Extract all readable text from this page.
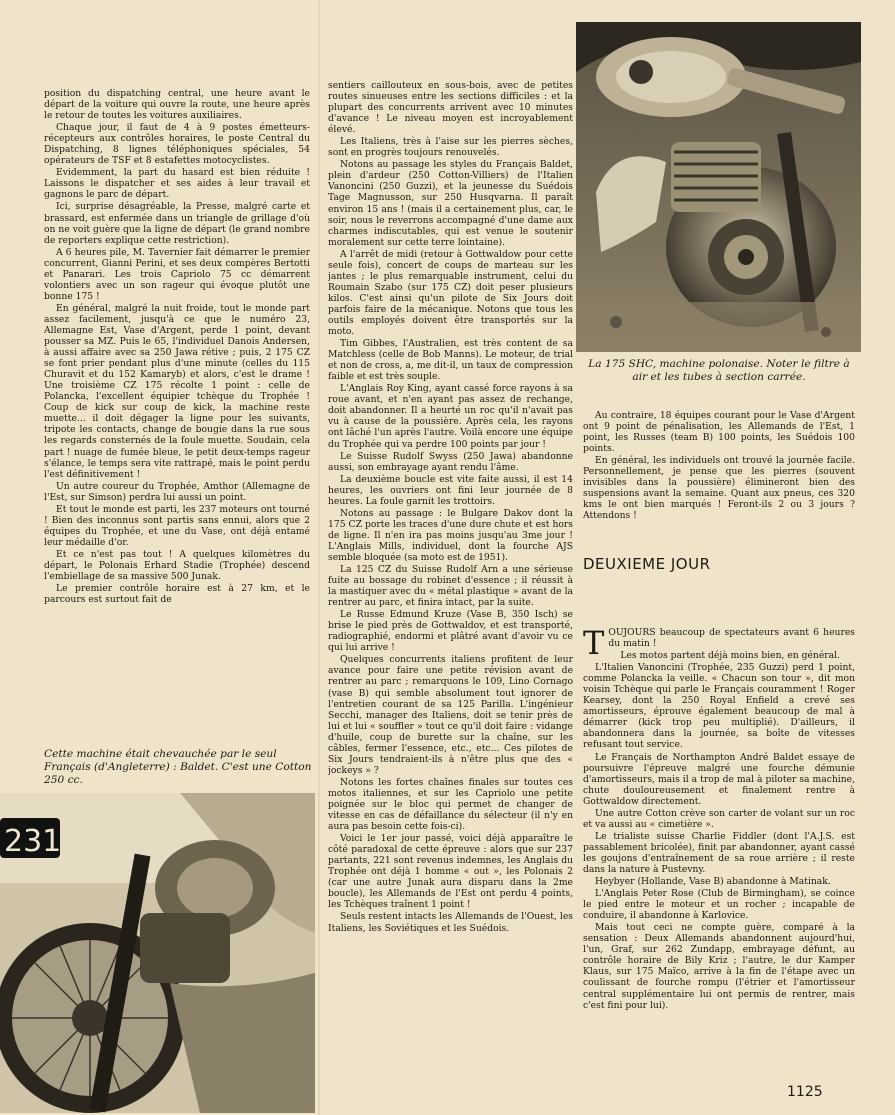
La 175 SHC, machine polonaise. Noter le filtre à air et les tubes à section carrée.

position du dispatching central, une heure avant le départ de la voiture qui ouvre la route, une heure après le retour de toutes les voitures auxiliaires.

Chaque jour, il faut de 4 à 9 postes émetteurs-récepteurs aux contrôles horaires, le poste Central du Dispatching, 8 lignes téléphoniques spéciales, 54 opérateurs de TSF et 8 estafettes motocyclistes.

Evidemment, la part du hasard est bien réduite ! Laissons le dispatcher et ses aides à leur travail et gagnons le parc de départ.

Ici, surprise désagréable, la Presse, malgré carte et brassard, est enfermée dans un triangle de grillage d'où on ne voit guère que la ligne de départ (le grand nombre de reporters explique cette restriction).

A 6 heures pile, M. Tavernier fait démarrer le premier concurrent, Gianni Perini, et ses deux compères Bertotti et Panarari. Les trois Capriolo 75 cc démarrent volontiers avec un son rageur qui évoque plutôt une bonne 175 !

En général, malgré la nuit froide, tout le monde part assez facilement, jusqu'à ce que le numéro 23, Allemagne Est, Vase d'Argent, perde 1 point, devant pousser sa MZ. Puis le 65, l'individuel Danois Andersen, à aussi affaire avec sa 250 Jawa rétive ; puis, 2 175 CZ se font prier pendant plus d'une minute (celles du 115 Churavit et du 152 Kamaryb) et alors, c'est le drame ! Une troisième CZ 175 récolte 1 point : celle de Polancka, l'excellent équipier tchèque du Trophée ! Coup de kick sur coup de kick, la machine reste muette... il doit dégager la ligne pour les suivants, tripote les contacts, change de bougie dans la rue sous les regards consternés de la foule muette. Soudain, cela part ! nuage de fumée bleue, le petit deux-temps rageur s'élance, le temps sera vite rattrapé, mais le point perdu l'est définitivement !

Un autre coureur du Trophée, Amthor (Allemagne de l'Est, sur Simson) perdra lui aussi un point.

Et tout le monde est parti, les 237 moteurs ont tourné ! Bien des inconnus sont partis sans ennui, alors que 2 équipes du Trophée, et une du Vase, ont déjà entamé leur médaille d'or.

Et ce n'est pas tout ! A quelques kilomètres du départ, le Polonais Erhard Stadie (Trophée) descend l'embiellage de sa massive 500 Junak.

Le premier contrôle horaire est à 27 km, et le parcours est surtout fait de

Cette machine était chevauchée par le seul Français (d'Angleterre) : Baldet. C'est une Cotton 250 cc.
231

sentiers caillouteux en sous-bois, avec de petites routes sinueuses entre les sections difficiles : et la plupart des concurrents arrivent avec 10 minutes d'avance ! Le niveau moyen est incroyablement élevé.

Les Italiens, très à l'aise sur les pierres sèches, sont en progrès toujours renouvelés.

Notons au passage les styles du Français Baldet, plein d'ardeur (250 Cotton-Villiers) de l'Italien Vanoncini (250 Guzzi), et la jeunesse du Suédois Tage Magnusson, sur 250 Husqvarna. Il paraît environ 15 ans ! (mais il a certainement plus, car, le soir, nous le reverrons accompagné d'une dame aux charmes indiscutables, qui est venue le soutenir moralement sur cette terre lointaine).

A l'arrêt de midi (retour à Gottwaldow pour cette seule fois), concert de coups de marteau sur les jantes ; le plus remarquable instrument, celui du Roumain Szabo (sur 175 CZ) doit peser plusieurs kilos. C'est ainsi qu'un pilote de Six Jours doit parfois faire de la mécanique. Notons que tous les outils employés doivent être transportés sur la moto.

Tim Gibbes, l'Australien, est très content de sa Matchless (celle de Bob Manns). Le moteur, de trial et non de cross, a, me dit-il, un taux de compression faible et est très souple.

L'Anglais Roy King, ayant cassé force rayons à sa roue avant, et n'en ayant pas assez de rechange, doit abandonner. Il a heurté un roc qu'il n'avait pas vu à cause de la poussière. Après cela, les rayons ont lâché l'un après l'autre. Voilà encore une équipe du Trophée qui va perdre 100 points par jour !

Le Suisse Rudolf Swyss (250 Jawa) abandonne aussi, son embrayage ayant rendu l'âme.

La deuxième boucle est vite faite aussi, il est 14 heures, les ouvriers ont fini leur journée de 8 heures. La foule garnit les trottoirs.

Notons au passage : le Bulgare Dakov dont la 175 CZ porte les traces d'une dure chute et est hors de ligne. Il n'en ira pas moins jusqu'au 3me jour ! L'Anglais Mills, individuel, dont la fourche AJS semble bloquée (sa moto est de 1951).

La 125 CZ du Suisse Rudolf Arn a une sérieuse fuite au bossage du robinet d'essence ; il réussit à la mastiquer avec du « métal plastique » avant de la rentrer au parc, et finira intact, par la suite.

Le Russe Edmund Kruze (Vase B, 350 Isch) se brise le pied près de Gottwaldov, et est transporté, radiographié, endormi et plâtré avant d'avoir vu ce qui lui arrive !

Quelques concurrents italiens profitent de leur avance pour faire une petite révision avant de rentrer au parc ; remarquons le 109, Lino Cornago (vase B) qui semble absolument tout ignorer de l'entretien courant de sa 125 Parilla. L'ingénieur Secchi, manager des Italiens, doit se tenir près de lui et lui « souffler » tout ce qu'il doit faire : vidange d'huile, coup de burette sur la chaîne, sur les câbles, fermer l'essence, etc., etc... Ces pilotes de Six Jours tendraient-ils à n'être plus que des « jockeys » ?

Notons les fortes chaînes finales sur toutes ces motos italiennes, et sur les Capriolo une petite poignée sur le bloc qui permet de changer de vitesse en cas de défaillance du sélecteur (il n'y en aura pas besoin cette fois-ci).

Voici le 1er jour passé, voici déjà apparaître le côté paradoxal de cette épreuve : alors que sur 237 partants, 221 sont revenus indemnes, les Anglais du Trophée ont déjà 1 homme « out », les Polonais 2 (car une autre Junak aura disparu dans la 2me boucle), les Allemands de l'Est ont perdu 4 points, les Tchèques traînent 1 point !

Seuls restent intacts les Allemands de l'Ouest, les Italiens, les Soviétiques et les Suédois.

Au contraire, 18 équipes courant pour le Vase d'Argent ont 9 point de pénalisation, les Allemands de l'Est, 1 point, les Russes (team B) 100 points, les Suédois 100 points.

En général, les individuels ont trouvé la journée facile. Personnellement, je pense que les pierres (souvent invisibles dans la poussière) élimineront bien des suspensions avant la semaine. Quant aux pneus, ces 320 kms le ont bien marqués ! Feront-ils 2 ou 3 jours ? Attendons !

DEUXIEME JOUR

TOUJOURS beaucoup de spectateurs avant 6 heures du matin !

Les motos partent déjà moins bien, en général.

L'Italien Vanoncini (Trophée, 235 Guzzi) perd 1 point, comme Polancka la veille. « Chacun son tour », dit mon voisin Tchèque qui parle le Français couramment ! Roger Kearsey, dont la 250 Royal Enfield a crevé ses amortisseurs, éprouve également beaucoup de mal à démarrer (kick trop peu multiplié). D'ailleurs, il abandonnera dans la journée, sa boîte de vitesses refusant tout service.

Le Français de Northampton André Baldet essaye de poursuivre l'épreuve malgré une fourche démunie d'amortisseurs, mais il a trop de mal à piloter sa machine, chute douloureusement et finalement rentre à Gottwaldow directement.

Une autre Cotton crève son carter de volant sur un roc et va aussi au « cimetière ».

Le trialiste suisse Charlie Fiddler (dont l'A.J.S. est passablement bricolée), finit par abandonner, ayant cassé les goujons d'entraînement de sa roue arrière ; il reste dans la nature à Pustevny.

Heybyer (Hollande, Vase B) abandonne à Matinak.

L'Anglais Peter Rose (Club de Birmingham), se coince le pied entre le moteur et un rocher ; incapable de conduire, il abandonne à Karlovice.

Mais tout ceci ne compte guère, comparé à la sensation : Deux Allemands abandonnent aujourd'hui, l'un, Graf, sur 262 Zundapp, embrayage défunt, au contrôle horaire de Bily Kriz ; l'autre, le dur Kamper Klaus, sur 175 Maïco, arrive à la fin de l'étape avec un coulissant de fourche rompu (l'étrier et l'amortisseur central supplémentaire lui ont permis de rentrer, mais c'est fini pour lui).

1125
